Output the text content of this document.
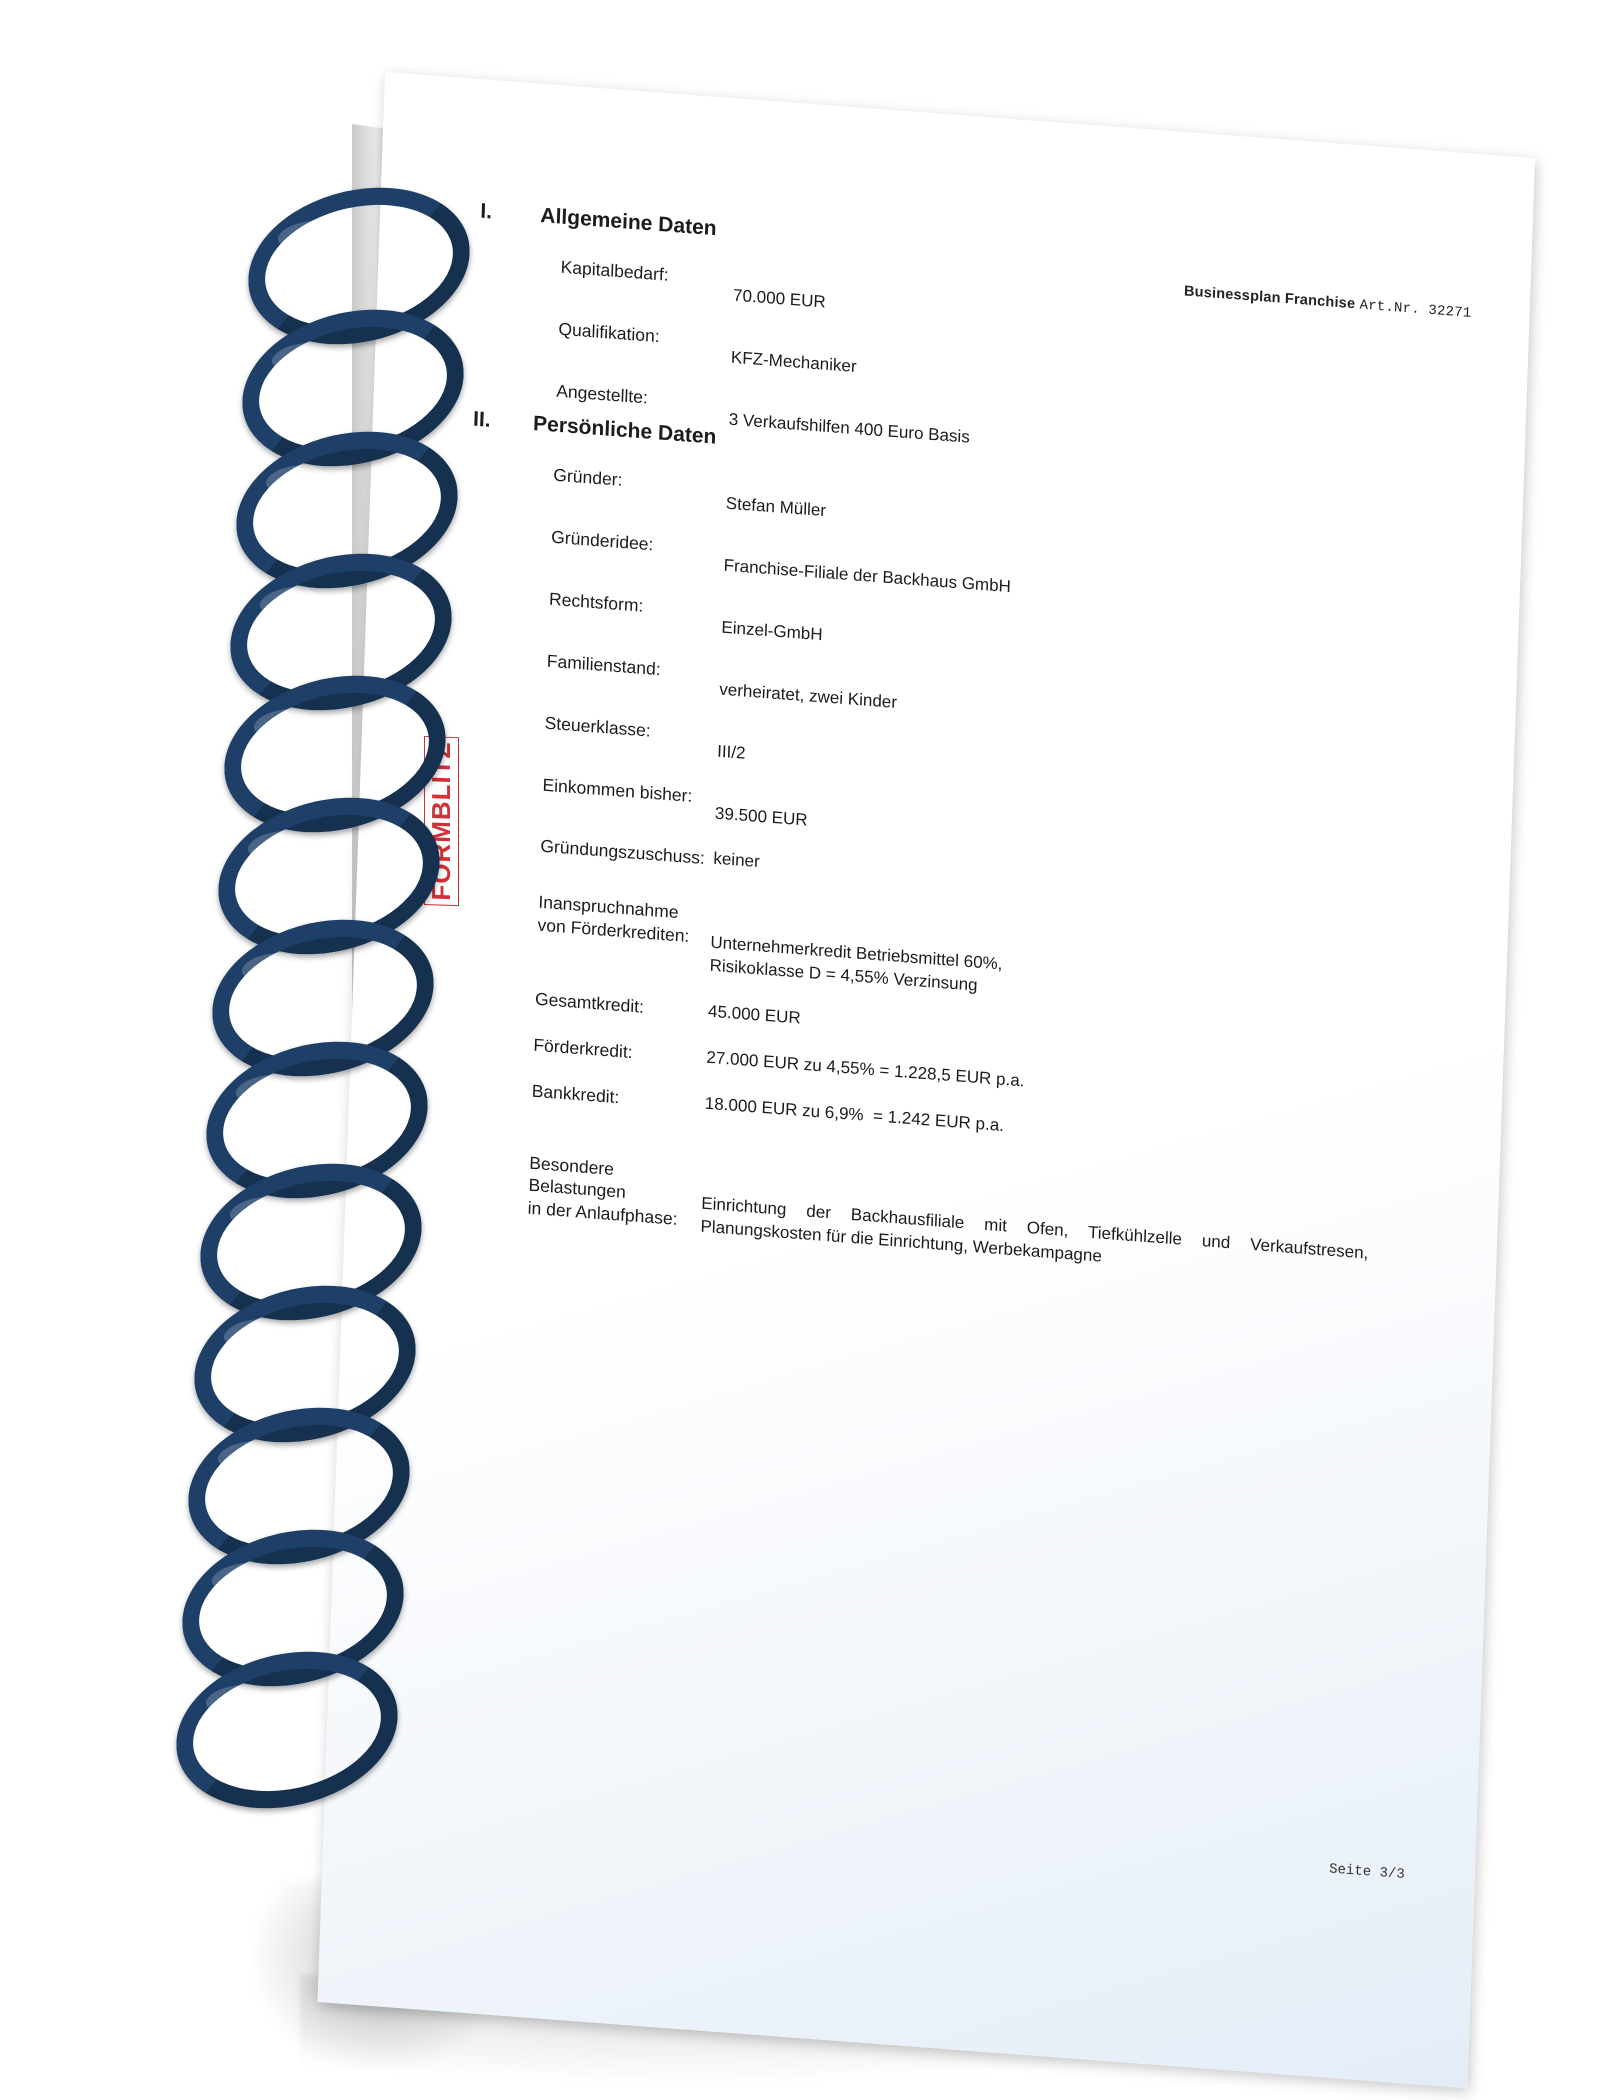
FORMBLITZ
Businessplan Franchise Art.Nr. 32271
I.	Allgemeine Daten
Kapitalbedarf:
70.000 EUR
Qualifikation:
KFZ-Mechaniker
Angestellte:
3 Verkaufshilfen 400 Euro Basis
II.	Persönliche Daten
Gründer:
Stefan Müller
Gründeridee:
Franchise-Filiale der Backhaus GmbH
Rechtsform:
Einzel-GmbH
Familienstand:
verheiratet, zwei Kinder
Steuerklasse:
III/2
Einkommen bisher:
39.500 EUR
Gründungszuschuss: keiner
Inanspruchnahme
von Förderkrediten:
Unternehmerkredit Betriebsmittel 60%,
Risikoklasse D = 4,55% Verzinsung
Gesamtkredit:	45.000 EUR
Förderkredit:	27.000 EUR zu 4,55% = 1.228,5 EUR p.a.
Bankkredit:	18.000 EUR zu 6,9%  = 1.242 EUR p.a.
Besondere Belastungen
in der Anlaufphase:	Einrichtung der Backhausfiliale mit Ofen, Tiefkühlzelle und Verkaufstresen, Planungskosten für die Einrichtung, Werbekampagne
Seite 3/3
